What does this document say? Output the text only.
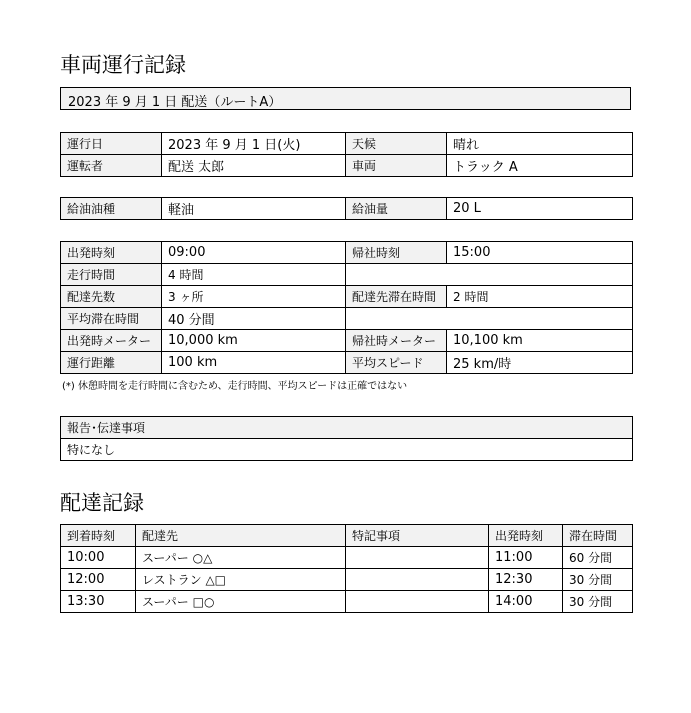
車両運行記録
2023 年 9 月 1 日 配送（ルートA）
運行日	2023 年 9 月 1 日(火)	天候	晴れ
運転者	配送 太郎	車両	トラック A
給油油種	軽油	給油量	20 L
出発時刻	09:00	帰社時刻	15:00
走行時間	4 時間		
配達先数	3 ヶ所	配達先滞在時間	2 時間
平均滞在時間	40 分間		
出発時メーター	10,000 km	帰社時メーター	10,100 km
運行距離	100 km	平均スピード	25 km/時
(*) 休憩時間を走行時間に含むため、走行時間、平均スピードは正確ではない
報告･伝達事項
特になし
配達記録
到着時刻	配達先	特記事項	出発時刻	滞在時間
10:00	スーパー ○△		11:00	60 分間
12:00	レストラン △□		12:30	30 分間
13:30	スーパー □○		14:00	30 分間
